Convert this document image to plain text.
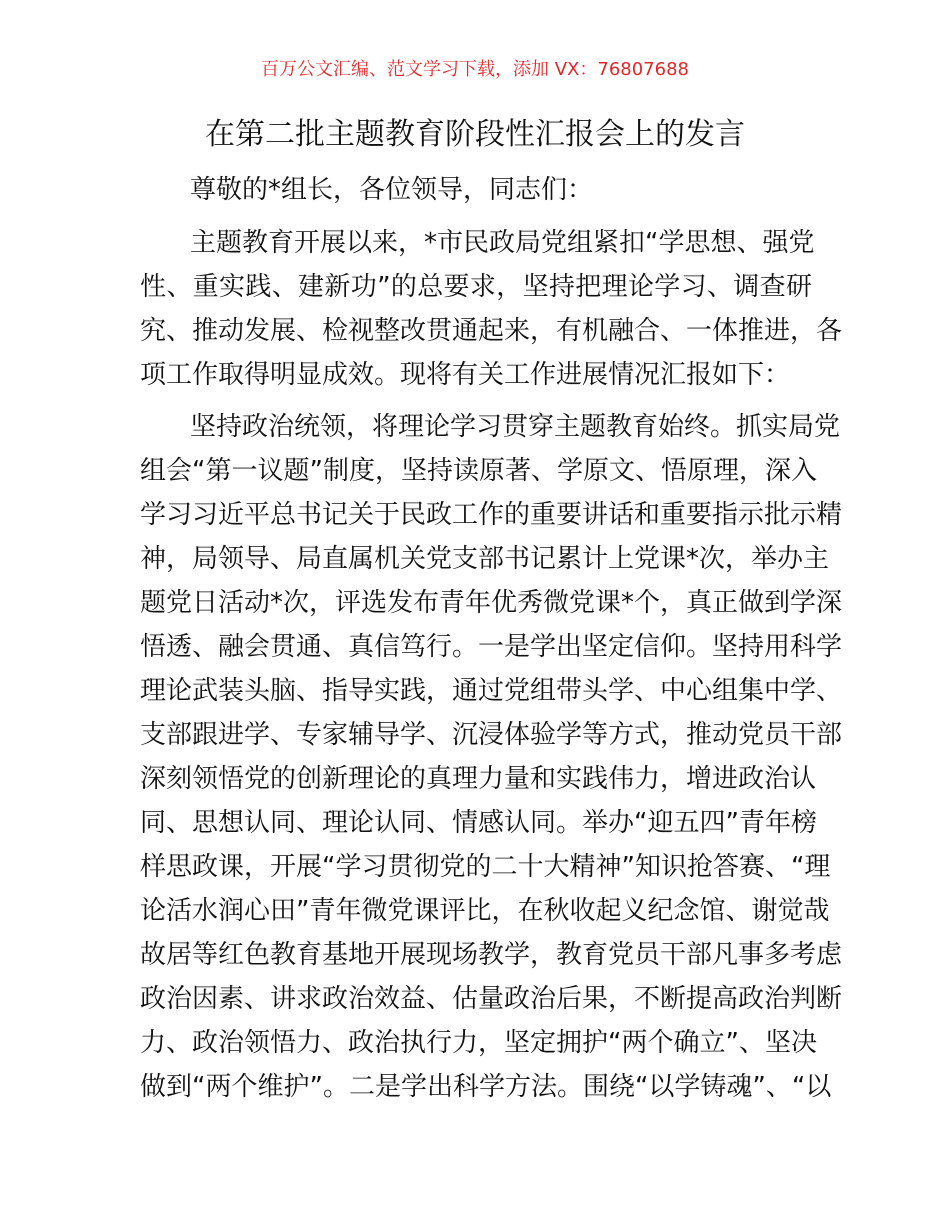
百万公文汇编、范文学习下载，添加 VX：76807688
在第二批主题教育阶段性汇报会上的发言
尊敬的*组长，各位领导，同志们：
主题教育开展以来，*市民政局党组紧扣“学思想、强党
性、重实践、建新功”的总要求，坚持把理论学习、调查研
究、推动发展、检视整改贯通起来，有机融合、一体推进，各
项工作取得明显成效。现将有关工作进展情况汇报如下：
坚持政治统领，将理论学习贯穿主题教育始终。抓实局党
组会“第一议题”制度，坚持读原著、学原文、悟原理，深入
学习习近平总书记关于民政工作的重要讲话和重要指示批示精
神，局领导、局直属机关党支部书记累计上党课*次，举办主
题党日活动*次，评选发布青年优秀微党课*个，真正做到学深
悟透、融会贯通、真信笃行。一是学出坚定信仰。坚持用科学
理论武装头脑、指导实践，通过党组带头学、中心组集中学、
支部跟进学、专家辅导学、沉浸体验学等方式，推动党员干部
深刻领悟党的创新理论的真理力量和实践伟力，增进政治认
同、思想认同、理论认同、情感认同。举办“迎五四”青年榜
样思政课，开展“学习贯彻党的二十大精神”知识抢答赛、“理
论活水润心田”青年微党课评比，在秋收起义纪念馆、谢觉哉
故居等红色教育基地开展现场教学，教育党员干部凡事多考虑
政治因素、讲求政治效益、估量政治后果，不断提高政治判断
力、政治领悟力、政治执行力，坚定拥护“两个确立”、坚决
做到“两个维护”。二是学出科学方法。围绕“以学铸魂”、“以
